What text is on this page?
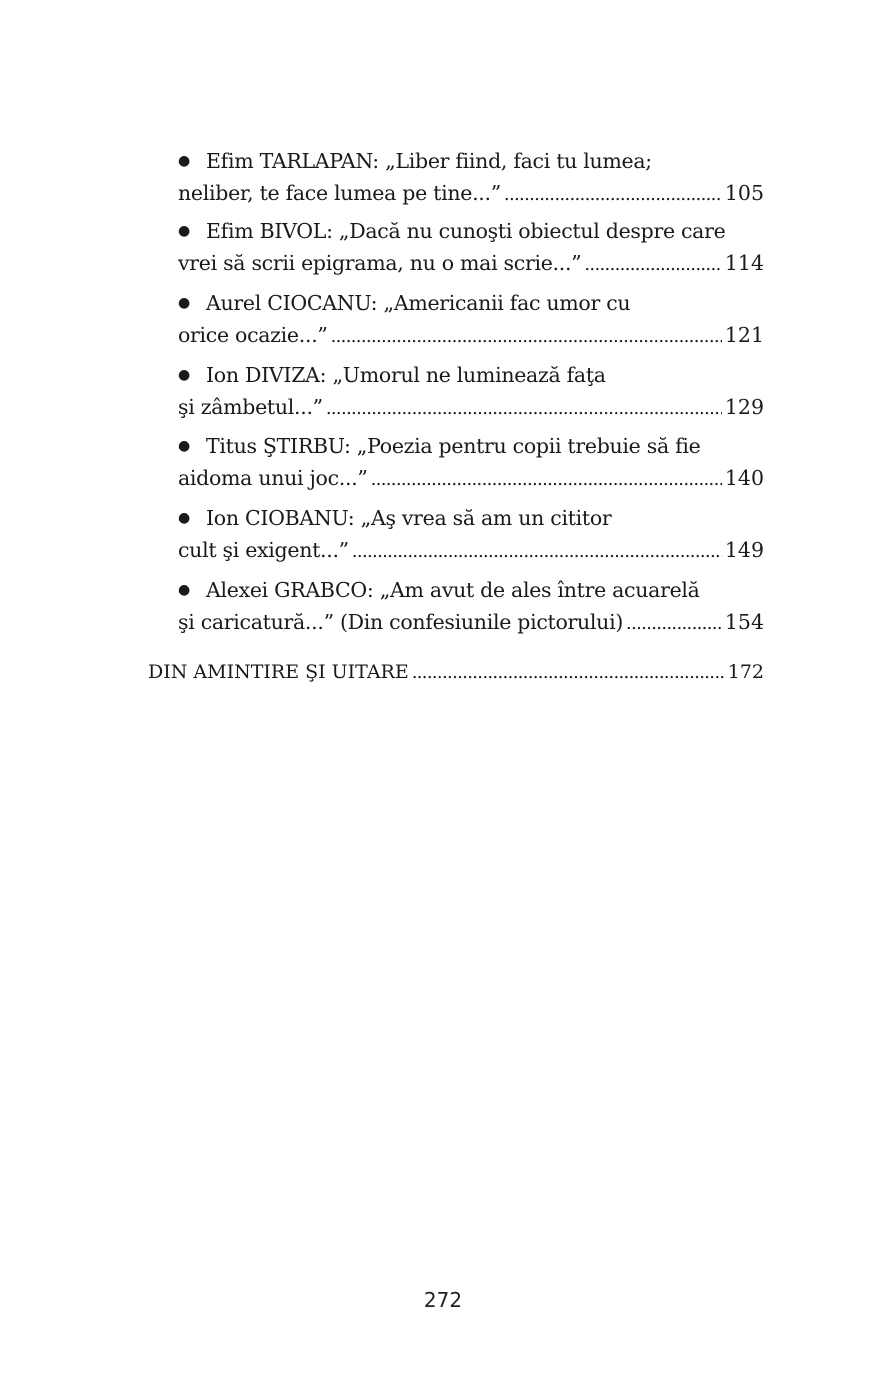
● Efim TARLAPAN: „Liber fiind, faci tu lumea;
neliber, te face lumea pe tine...” . . .	105
● Efim BIVOL: „Dacă nu cunoşti obiectul despre care
vrei să scrii epigrama, nu o mai scrie...” . . .	114
● Aurel CIOCANU: „Americanii fac umor cu
orice ocazie...” . . .	121
● Ion DIVIZA: „Umorul ne luminează faţa
şi zâmbetul...” . . .	129
● Titus ŞTIRBU: „Poezia pentru copii trebuie să fie
aidoma unui joc...” . . .	140
● Ion CIOBANU: „Aş vrea să am un cititor
cult şi exigent...” . . .	149
● Alexei GRABCO: „Am avut de ales între acuarelă
şi caricatură...” (Din confesiunile pictorului) . . .	154
DIN AMINTIRE ŞI UITARE . . .	172
272
